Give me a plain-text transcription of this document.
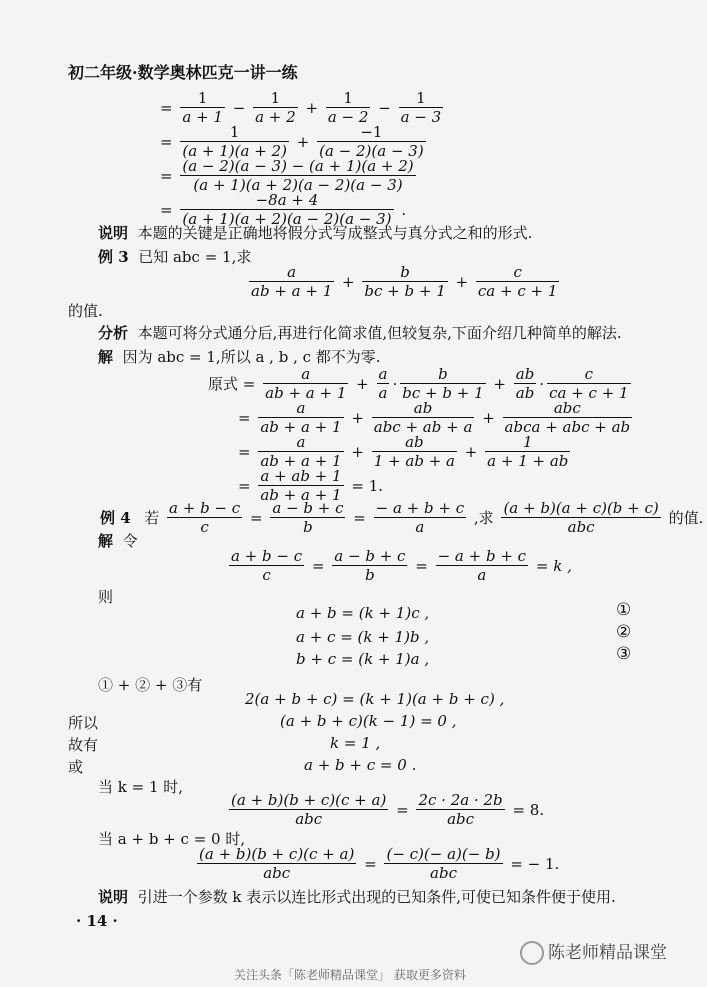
初二年级·数学奥林匹克一讲一练
= $\frac{1}{a + 1} - \frac{1}{a + 2} + \frac{1}{a - 2} - \frac{1}{a - 3}$
= $\frac{1}{(a + 1)(a + 2)} + \frac{-1}{(a - 2)(a - 3)}$
= $\frac{(a - 2)(a - 3) - (a + 1)(a + 2)}{(a + 1)(a + 2)(a - 2)(a - 3)}$
= $\frac{-8a + 4}{(a + 1)(a + 2)(a - 2)(a - 3)}$ .
说明 本题的关键是正确地将假分式写成整式与真分式之和的形式.
例 3 已知 abc = 1,求
$\frac{a}{ab + a + 1} + \frac{b}{bc + b + 1} + \frac{c}{ca + c + 1}$
的值.
分析 本题可将分式通分后,再进行化简求值,但较复杂,下面介绍几种简单的解法.
解 因为 abc = 1,所以 a , b , c 都不为零.
原式 = $\frac{a}{ab + a + 1} + \frac{a}{a} \cdot \frac{b}{bc + b + 1} + \frac{ab}{ab} \cdot \frac{c}{ca + c + 1}$
= $\frac{a}{ab + a + 1} + \frac{ab}{\text{abc + ab + a}} + \frac{\text{abc}}{\text{abca + abc + ab}}$
= $\frac{a}{ab + a + 1} + \frac{ab}{1 + ab + a} + \frac{1}{a + 1 + ab}$
= $\frac{a + ab + 1}{ab + a + 1} = 1$.
例 4 若 $\frac{a + b - c}{c} = \frac{a - b + c}{b} = \frac{- a + b + c}{a}$ ,求 $\frac{(a + b)(a + c)(b + c)}{\text{abc}}$ 的值.
解 令
$\frac{a + b - c}{c} = \frac{a - b + c}{b} = \frac{- a + b + c}{a} = k$ ,
则
a + b = (k + 1)c ,	①
a + c = (k + 1)b ,	②
b + c = (k + 1)a ,	③
① + ② + ③有
2(a + b + c) = (k + 1)(a + b + c) ,
所以	(a + b + c)(k − 1) = 0 ,
故有	k = 1 ,
或	a + b + c = 0 .
当 k = 1 时,
$\frac{(a + b)(b + c)(c + a)}{\text{abc}} = \frac{2c \cdot 2a \cdot 2b}{\text{abc}} = 8$.
当 a + b + c = 0 时,
$\frac{(a + b)(b + c)(c + a)}{\text{abc}} = \frac{(- c)(- a)(- b)}{\text{abc}}$ = − 1.
说明 引进一个参数 k 表示以连比形式出现的已知条件,可使已知条件便于使用.
· 14 ·
陈老师精品课堂
关注头条「陈老师精品课堂」 获取更多资料
